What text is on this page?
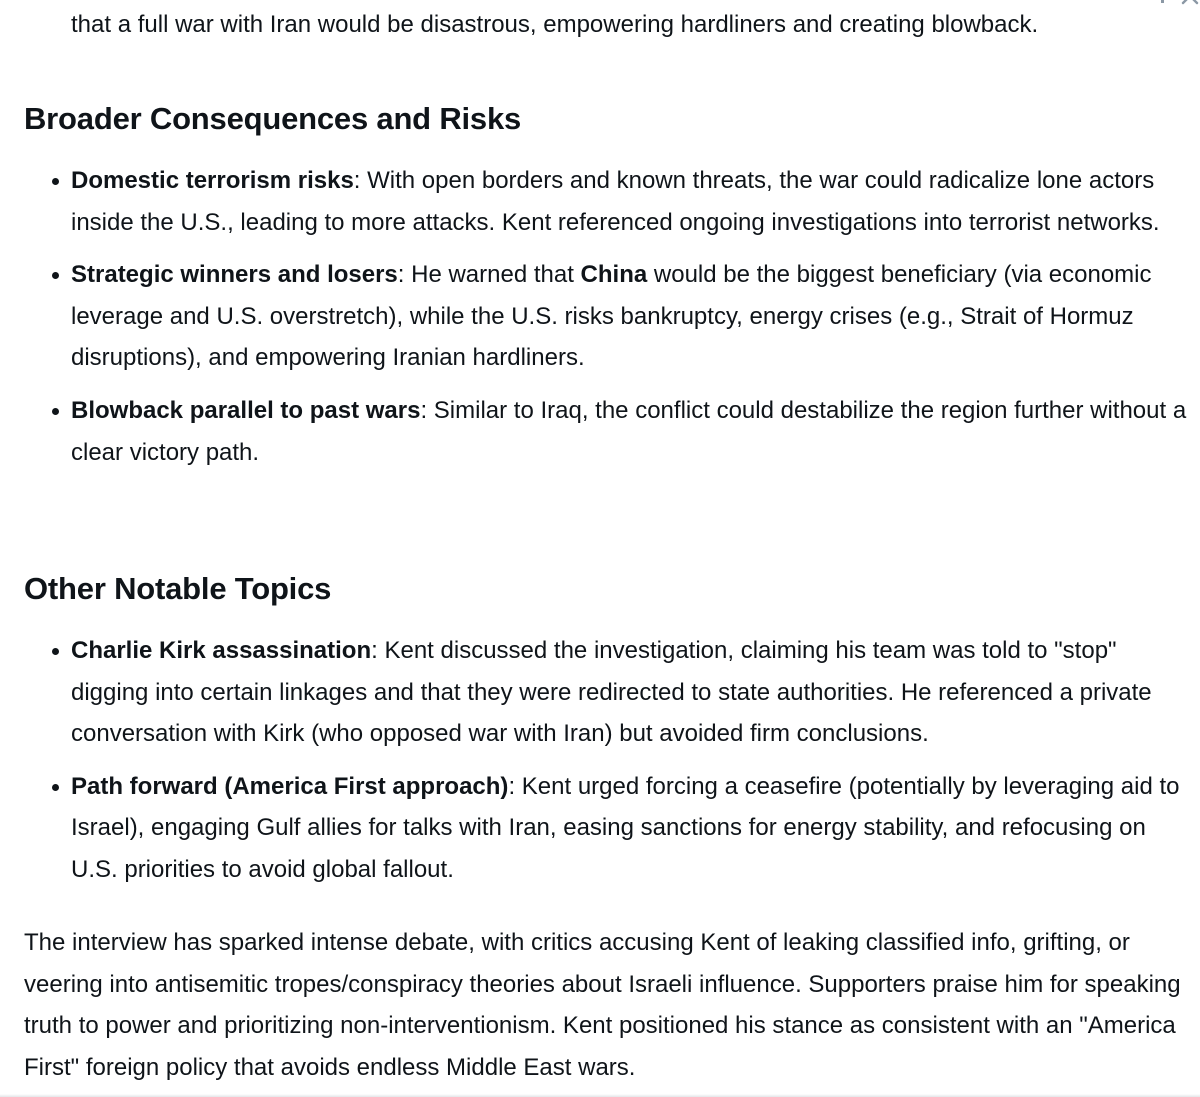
that a full war with Iran would be disastrous, empowering hardliners and creating blowback.
Broader Consequences and Risks
Domestic terrorism risks: With open borders and known threats, the war could radicalize lone actors inside the U.S., leading to more attacks. Kent referenced ongoing investigations into terrorist networks.
Strategic winners and losers: He warned that China would be the biggest beneficiary (via economic leverage and U.S. overstretch), while the U.S. risks bankruptcy, energy crises (e.g., Strait of Hormuz disruptions), and empowering Iranian hardliners.
Blowback parallel to past wars: Similar to Iraq, the conflict could destabilize the region further without a clear victory path.
Other Notable Topics
Charlie Kirk assassination: Kent discussed the investigation, claiming his team was told to "stop" digging into certain linkages and that they were redirected to state authorities. He referenced a private conversation with Kirk (who opposed war with Iran) but avoided firm conclusions.
Path forward (America First approach): Kent urged forcing a ceasefire (potentially by leveraging aid to Israel), engaging Gulf allies for talks with Iran, easing sanctions for energy stability, and refocusing on U.S. priorities to avoid global fallout.

The interview has sparked intense debate, with critics accusing Kent of leaking classified info, grifting, or veering into antisemitic tropes/conspiracy theories about Israeli influence. Supporters praise him for speaking truth to power and prioritizing non-interventionism. Kent positioned his stance as consistent with an "America First" foreign policy that avoids endless Middle East wars.
